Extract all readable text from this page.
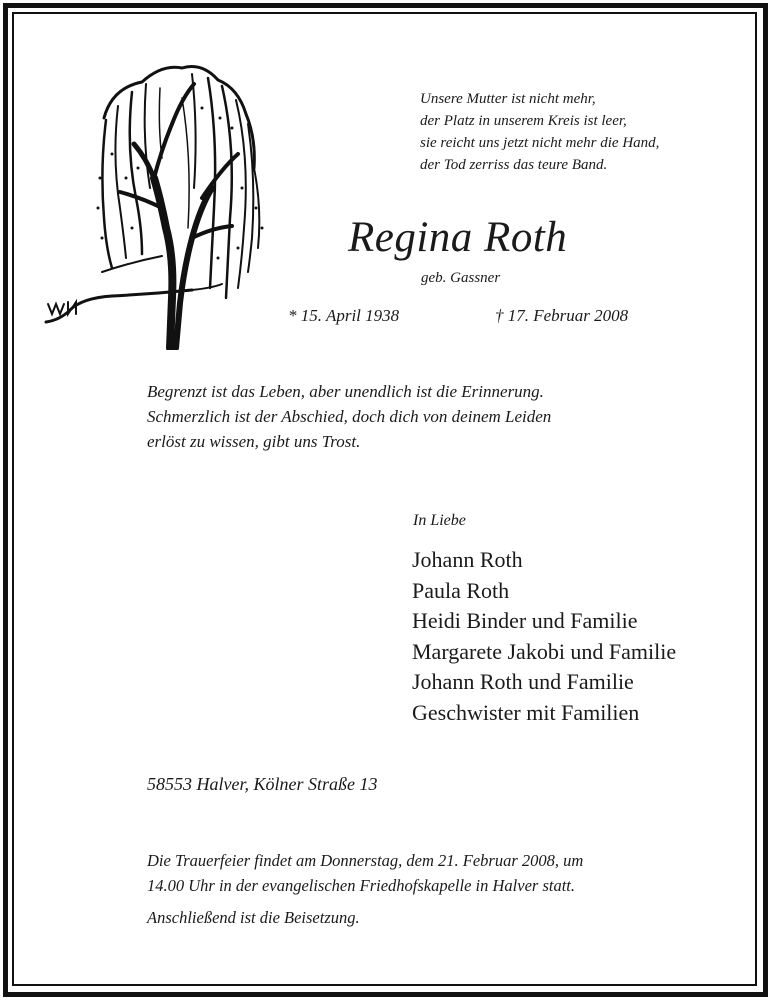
Unsere Mutter ist nicht mehr,
der Platz in unserem Kreis ist leer,
sie reicht uns jetzt nicht mehr die Hand,
der Tod zerriss das teure Band.
Regina Roth
geb. Gassner
* 15. April 1938	† 17. Februar 2008
Begrenzt ist das Leben, aber unendlich ist die Erinnerung.
Schmerzlich ist der Abschied, doch dich von deinem Leiden
erlöst zu wissen, gibt uns Trost.
In Liebe
Johann Roth
Paula Roth
Heidi Binder und Familie
Margarete Jakobi und Familie
Johann Roth und Familie
Geschwister mit Familien
58553 Halver, Kölner Straße 13
Die Trauerfeier findet am Donnerstag, dem 21. Februar 2008, um
14.00 Uhr in der evangelischen Friedhofskapelle in Halver statt.
Anschließend ist die Beisetzung.
